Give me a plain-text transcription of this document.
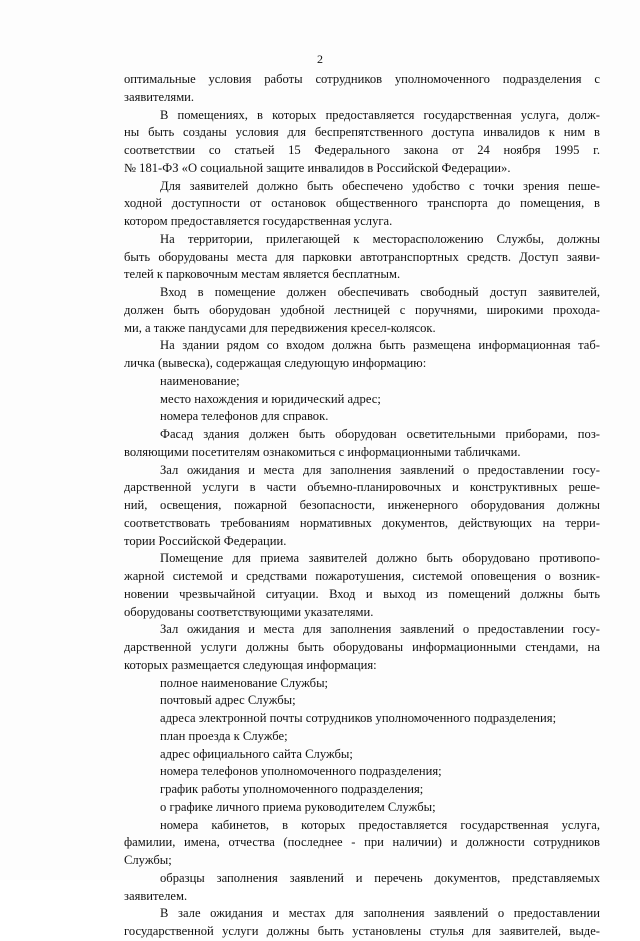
2
оптимальные условия работы сотрудников уполномоченного подразделения с
заявителями.
В помещениях, в которых предоставляется государственная услуга, долж-
ны быть созданы условия для беспрепятственного доступа инвалидов к ним в
соответствии со статьей 15 Федерального закона от 24 ноября 1995 г.
№ 181-ФЗ «О социальной защите инвалидов в Российской Федерации».
Для заявителей должно быть обеспечено удобство с точки зрения пеше-
ходной доступности от остановок общественного транспорта до помещения, в
котором предоставляется государственная услуга.
На территории, прилегающей к месторасположению Службы, должны
быть оборудованы места для парковки автотранспортных средств. Доступ заяви-
телей к парковочным местам является бесплатным.
Вход в помещение должен обеспечивать свободный доступ заявителей,
должен быть оборудован удобной лестницей с поручнями, широкими прохода-
ми, а также пандусами для передвижения кресел-колясок.
На здании рядом со входом должна быть размещена информационная таб-
личка (вывеска), содержащая следующую информацию:
наименование;
место нахождения и юридический адрес;
номера телефонов для справок.
Фасад здания должен быть оборудован осветительными приборами, поз-
воляющими посетителям ознакомиться с информационными табличками.
Зал ожидания и места для заполнения заявлений о предоставлении госу-
дарственной услуги в части объемно-планировочных и конструктивных реше-
ний, освещения, пожарной безопасности, инженерного оборудования должны
соответствовать требованиям нормативных документов, действующих на терри-
тории Российской Федерации.
Помещение для приема заявителей должно быть оборудовано противопо-
жарной системой и средствами пожаротушения, системой оповещения о возник-
новении чрезвычайной ситуации. Вход и выход из помещений должны быть
оборудованы соответствующими указателями.
Зал ожидания и места для заполнения заявлений о предоставлении госу-
дарственной услуги должны быть оборудованы информационными стендами, на
которых размещается следующая информация:
полное наименование Службы;
почтовый адрес Службы;
адреса электронной почты сотрудников уполномоченного подразделения;
план проезда к Службе;
адрес официального сайта Службы;
номера телефонов уполномоченного подразделения;
график работы уполномоченного подразделения;
о графике личного приема руководителем Службы;
номера кабинетов, в которых предоставляется государственная услуга,
фамилии, имена, отчества (последнее - при наличии) и должности сотрудников
Службы;
образцы заполнения заявлений и перечень документов, представляемых
заявителем.
В зале ожидания и местах для заполнения заявлений о предоставлении
государственной услуги должны быть установлены стулья для заявителей, выде-
